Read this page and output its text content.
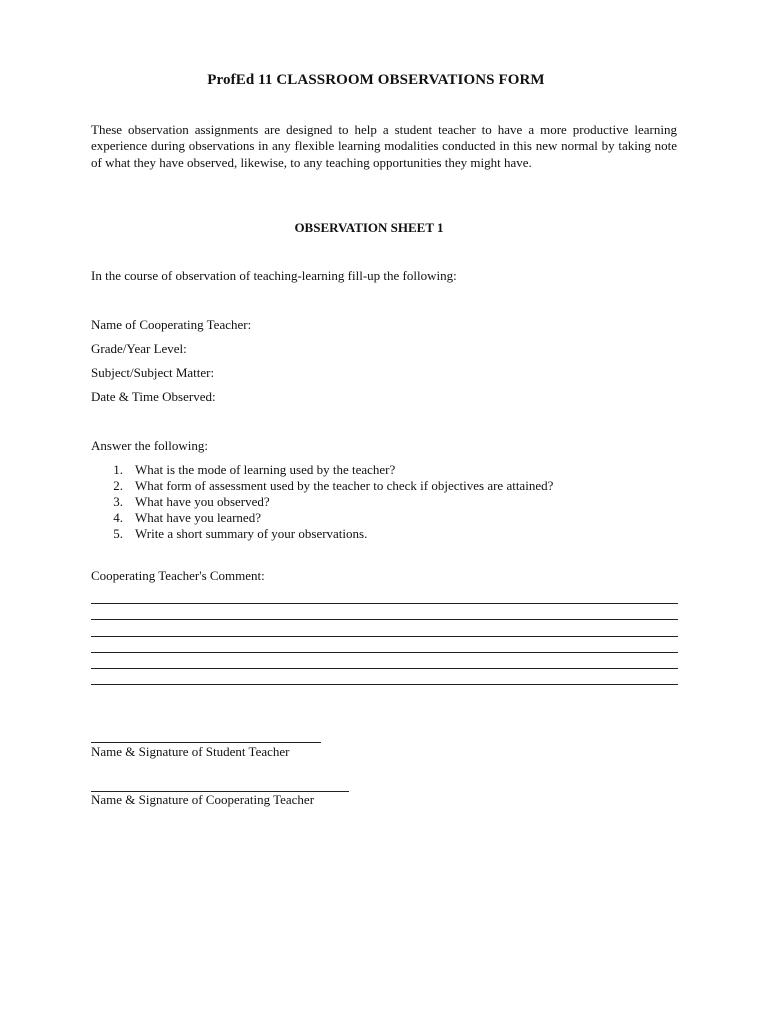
ProfEd 11 CLASSROOM OBSERVATIONS FORM
These observation assignments are designed to help a student teacher to have a more productive learning experience during observations in any flexible learning modalities conducted in this new normal by taking note of what they have observed, likewise, to any teaching opportunities they might have.
OBSERVATION SHEET 1
In the course of observation of teaching-learning fill-up the following:
Name of Cooperating Teacher:
Grade/Year Level:
Subject/Subject Matter:
Date & Time Observed:
Answer the following:
1. What is the mode of learning used by the teacher?
2. What form of assessment used by the teacher to check if objectives are attained?
3. What have you observed?
4. What have you learned?
5. Write a short summary of your observations.
Cooperating Teacher's Comment:
Name & Signature of Student Teacher
Name & Signature of Cooperating Teacher
